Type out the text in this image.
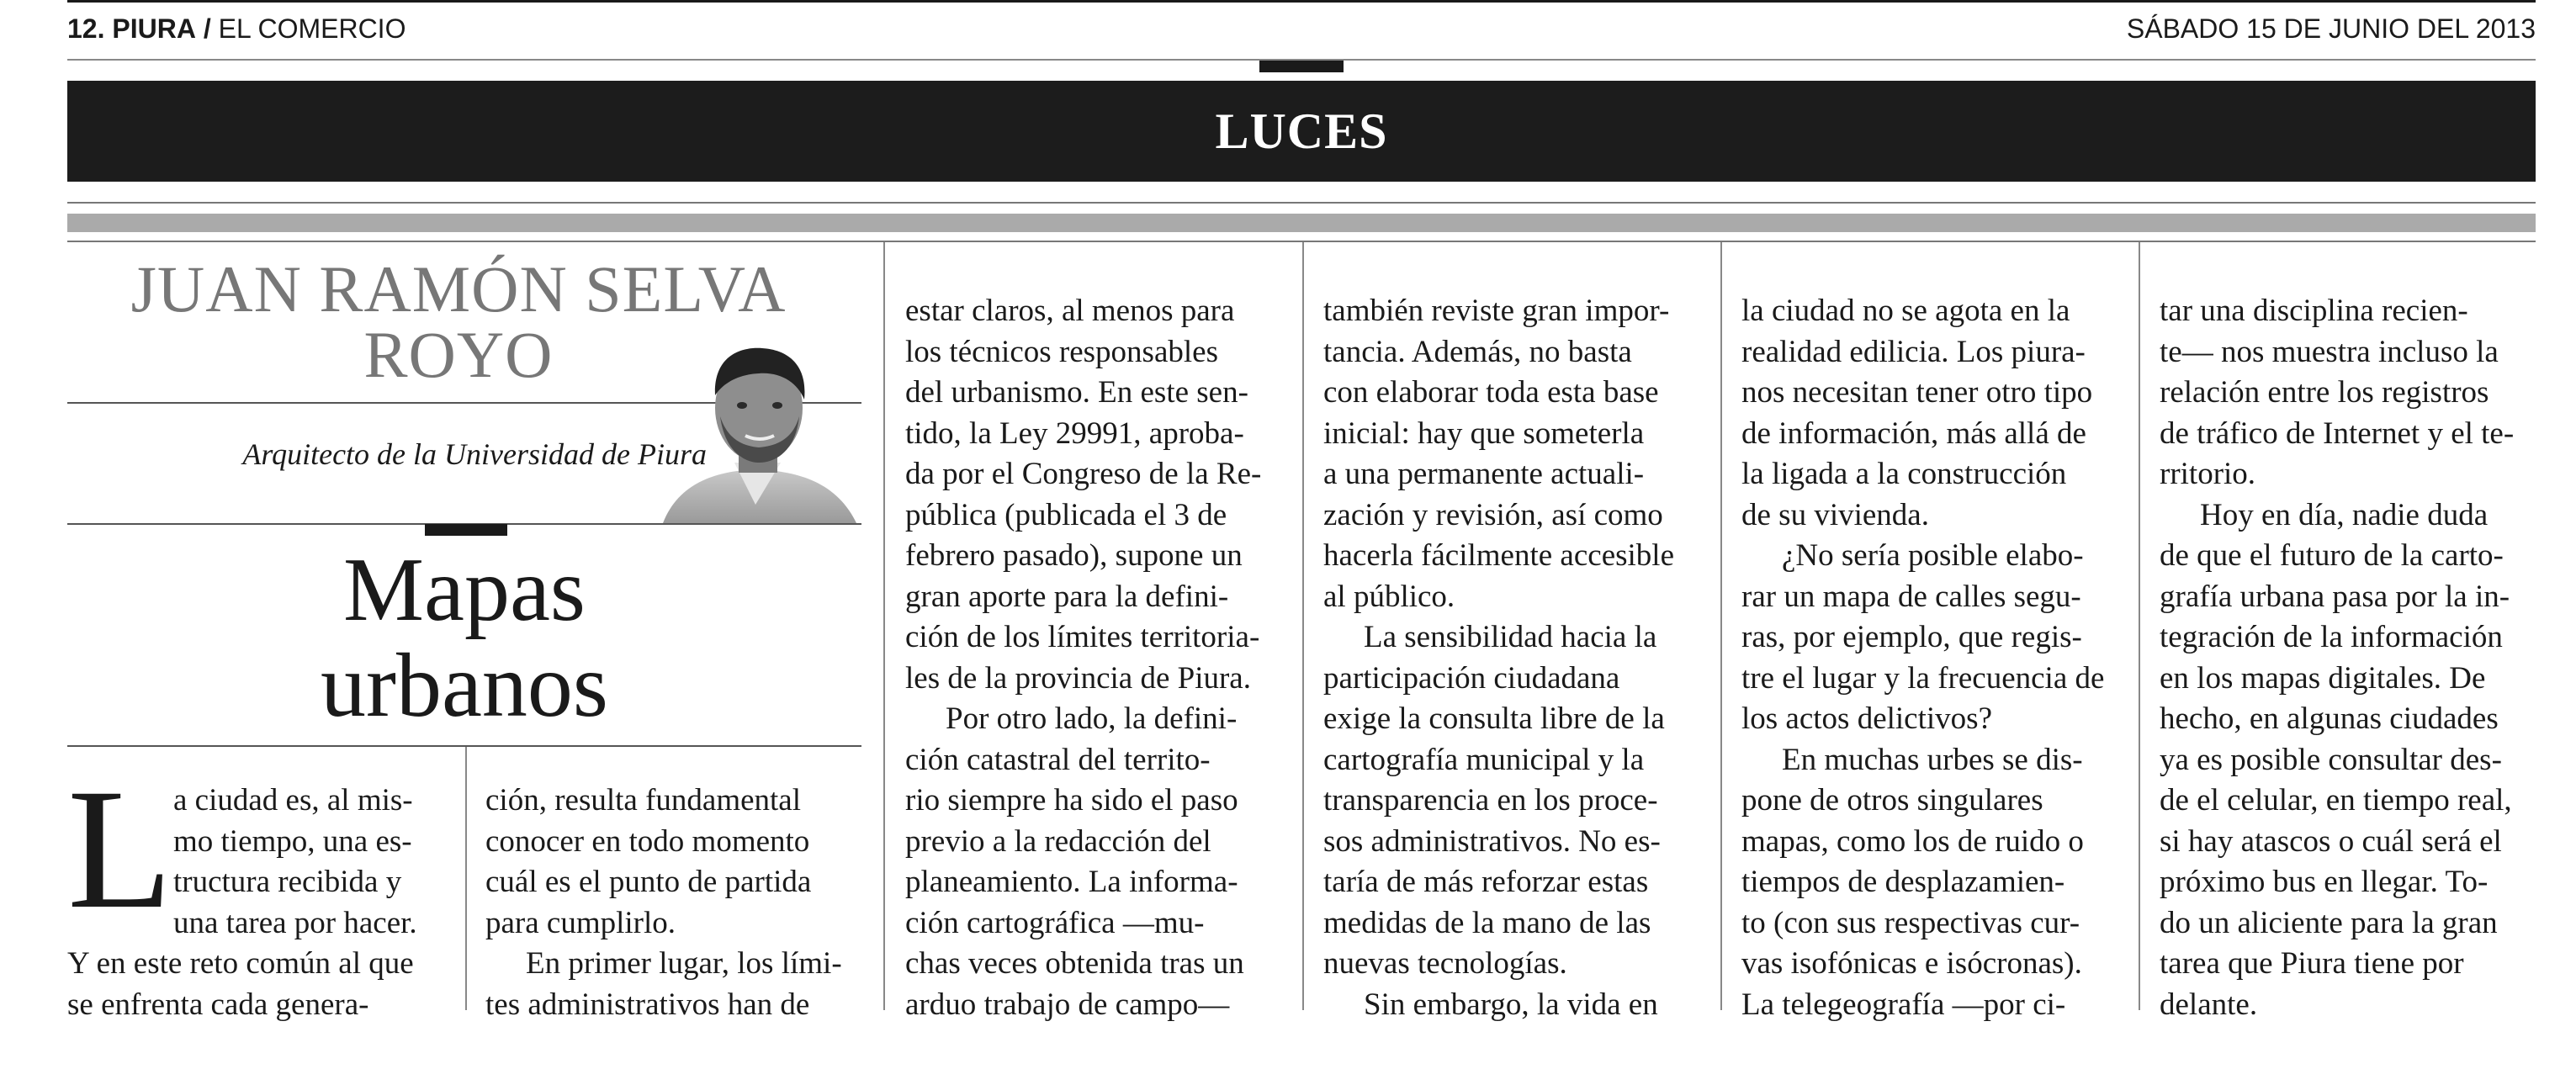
12. PIURA / EL COMERCIO	SÁBADO 15 DE JUNIO DEL 2013
LUCES
JUAN RAMÓN SELVA
ROYO
Arquitecto de la Universidad de Piura
Mapas
urbanos
L a ciudad es, al mis-

mo tiempo, una es-

tructura recibida y

una tarea por hacer.

Y en este reto común al que

se enfrenta cada genera-

ción, resulta fundamental

conocer en todo momento

cuál es el punto de partida

para cumplirlo.

En primer lugar, los lími-

tes administrativos han de

estar claros, al menos para

los técnicos responsables

del urbanismo. En este sen-

tido, la Ley 29991, aproba-

da por el Congreso de la Re-

pública (publicada el 3 de

febrero pasado), supone un

gran aporte para la defini-

ción de los límites territoria-

les de la provincia de Piura.

Por otro lado, la defini-

ción catastral del territo-

rio siempre ha sido el paso

previo a la redacción del

planeamiento. La informa-

ción cartográfica —mu-

chas veces obtenida tras un

arduo trabajo de campo—

también reviste gran impor-

tancia. Además, no basta

con elaborar toda esta base

inicial: hay que someterla

a una permanente actuali-

zación y revisión, así como

hacerla fácilmente accesible

al público.

La sensibilidad hacia la

participación ciudadana

exige la consulta libre de la

cartografía municipal y la

transparencia en los proce-

sos administrativos. No es-

taría de más reforzar estas

medidas de la mano de las

nuevas tecnologías.

Sin embargo, la vida en

la ciudad no se agota en la

realidad edilicia. Los piura-

nos necesitan tener otro tipo

de información, más allá de

la ligada a la construcción

de su vivienda.

¿No sería posible elabo-

rar un mapa de calles segu-

ras, por ejemplo, que regis-

tre el lugar y la frecuencia de

los actos delictivos?

En muchas urbes se dis-

pone de otros singulares

mapas, como los de ruido o

tiempos de desplazamien-

to (con sus respectivas cur-

vas isofónicas e isócronas).

La telegeografía —por ci-

tar una disciplina recien-

te— nos muestra incluso la

relación entre los registros

de tráfico de Internet y el te-

rritorio.

Hoy en día, nadie duda

de que el futuro de la carto-

grafía urbana pasa por la in-

tegración de la información

en los mapas digitales. De

hecho, en algunas ciudades

ya es posible consultar des-

de el celular, en tiempo real,

si hay atascos o cuál será el

próximo bus en llegar. To-

do un aliciente para la gran

tarea que Piura tiene por

delante.
